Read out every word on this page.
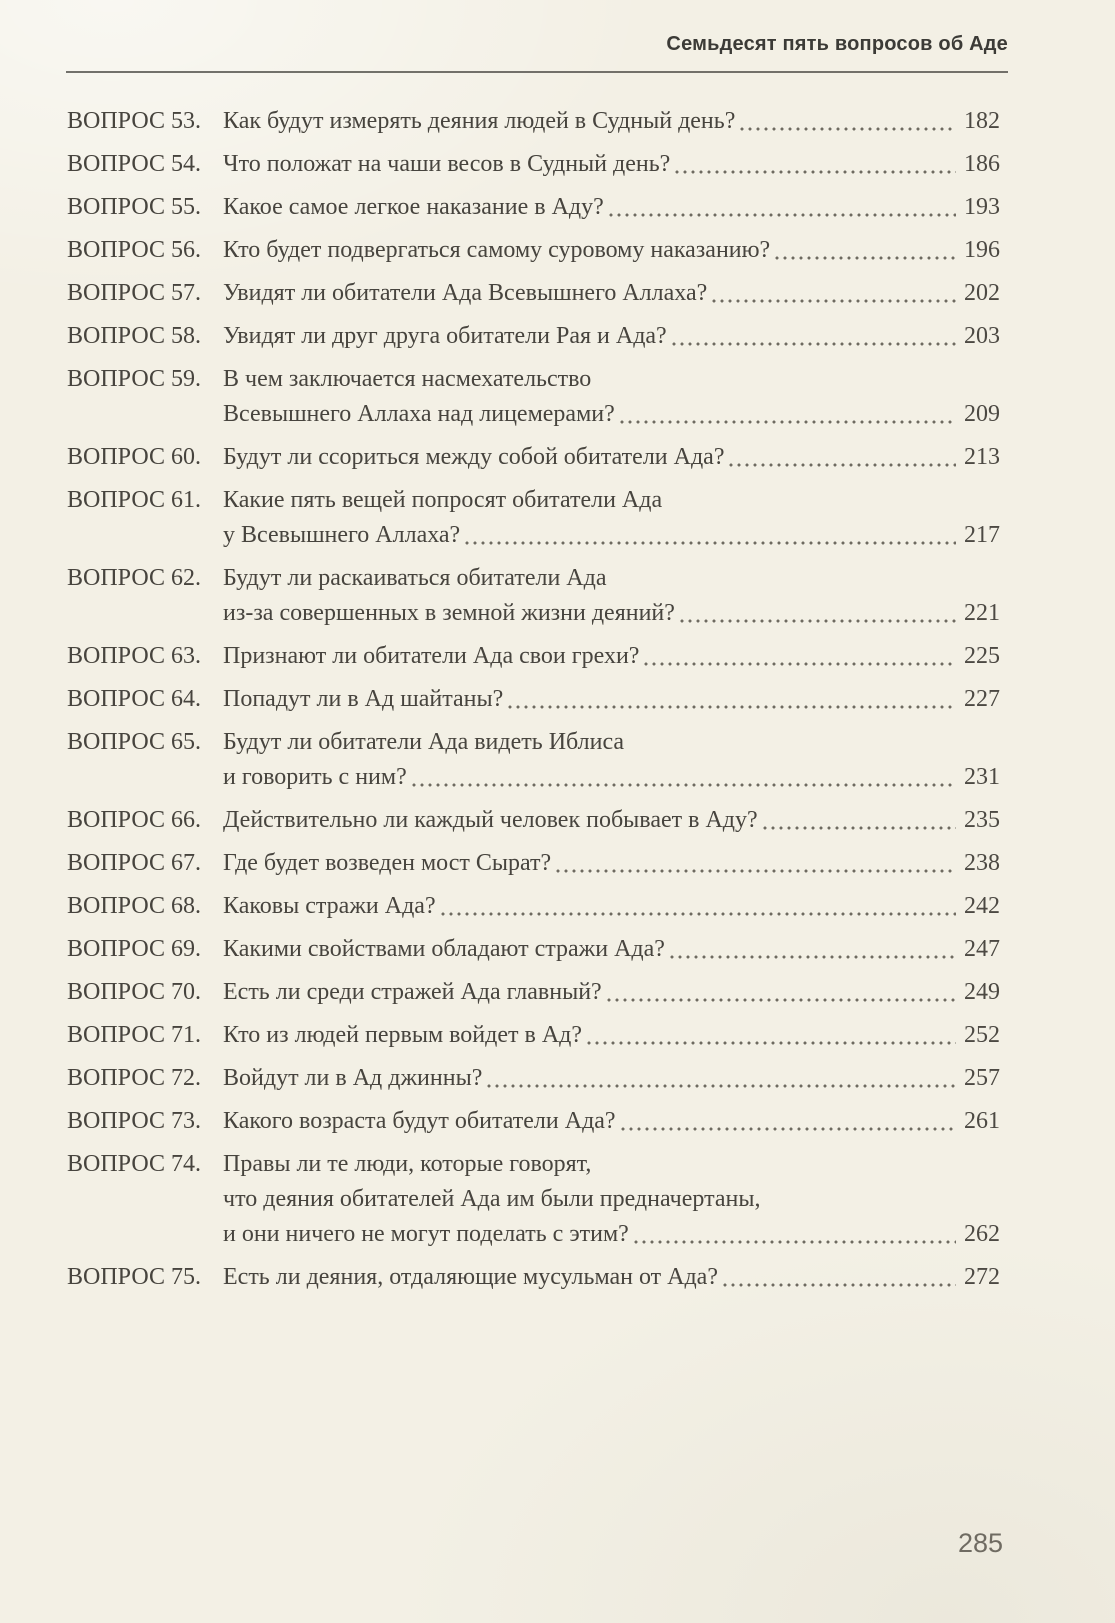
Семьдесят пять вопросов об Аде
ВОПРОС 53. Как будут измерять деяния людей в Судный день?	182
ВОПРОС 54. Что положат на чаши весов в Судный день?	186
ВОПРОС 55. Какое самое легкое наказание в Аду?	193
ВОПРОС 56. Кто будет подвергаться самому суровому наказанию?	196
ВОПРОС 57. Увидят ли обитатели Ада Всевышнего Аллаха?	202
ВОПРОС 58. Увидят ли друг друга обитатели Рая и Ада?	203
ВОПРОС 59. В чем заключается насмехательство
Всевышнего Аллаха над лицемерами?	209
ВОПРОС 60. Будут ли ссориться между собой обитатели Ада?	213
ВОПРОС 61. Какие пять вещей попросят обитатели Ада
у Всевышнего Аллаха?	217
ВОПРОС 62. Будут ли раскаиваться обитатели Ада
из-за совершенных в земной жизни деяний?	221
ВОПРОС 63. Признают ли обитатели Ада свои грехи?	225
ВОПРОС 64. Попадут ли в Ад шайтаны?	227
ВОПРОС 65. Будут ли обитатели Ада видеть Иблиса
и говорить с ним?	231
ВОПРОС 66. Действительно ли каждый человек побывает в Аду?	235
ВОПРОС 67. Где будет возведен мост Сырат?	238
ВОПРОС 68. Каковы стражи Ада?	242
ВОПРОС 69. Какими свойствами обладают стражи Ада?	247
ВОПРОС 70. Есть ли среди стражей Ада главный?	249
ВОПРОС 71. Кто из людей первым войдет в Ад?	252
ВОПРОС 72. Войдут ли в Ад джинны?	257
ВОПРОС 73. Какого возраста будут обитатели Ада?	261
ВОПРОС 74. Правы ли те люди, которые говорят,
что деяния обитателей Ада им были предначертаны,
и они ничего не могут поделать с этим?	262
ВОПРОС 75. Есть ли деяния, отдаляющие мусульман от Ада?	272
285
